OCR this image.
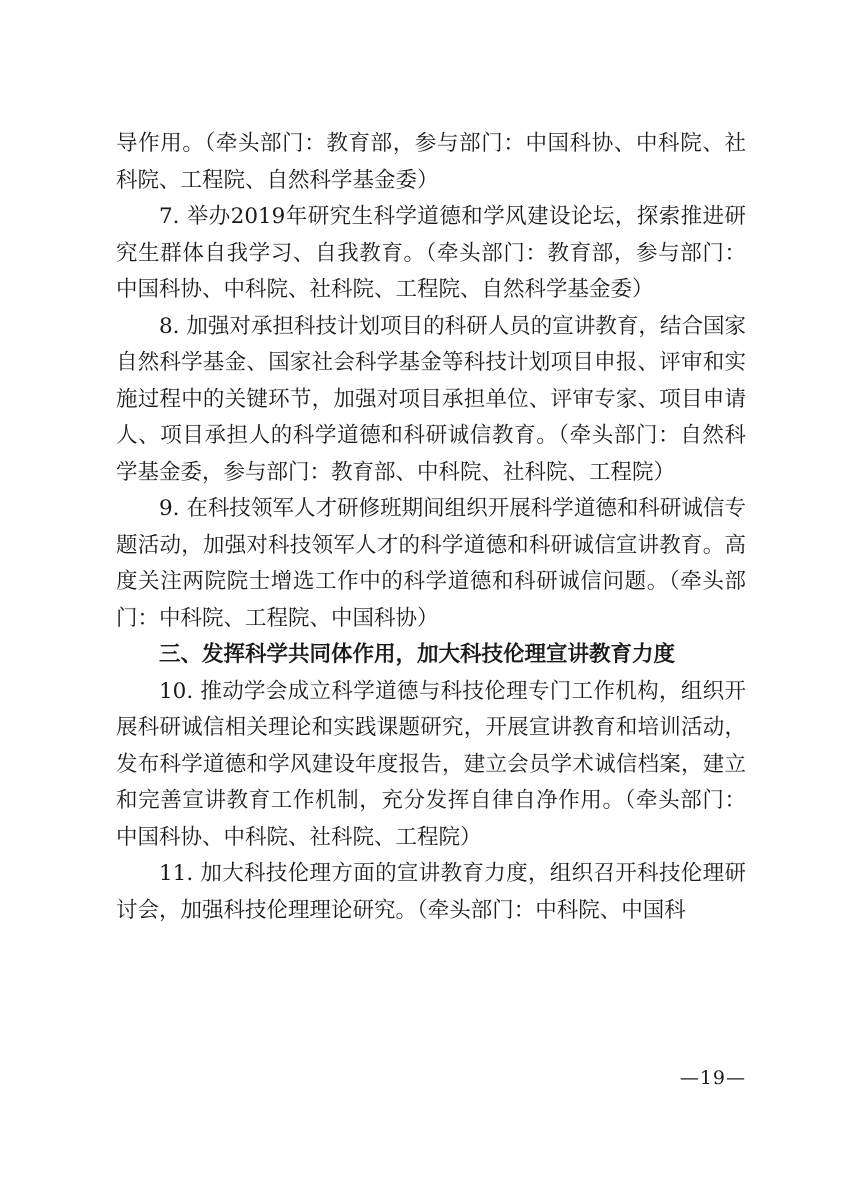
导作用。（牵头部门：教育部，参与部门：中国科协、中科院、社科院、工程院、自然科学基金委）

7. 举办2019年研究生科学道德和学风建设论坛，探索推进研究生群体自我学习、自我教育。（牵头部门：教育部，参与部门：中国科协、中科院、社科院、工程院、自然科学基金委）

8. 加强对承担科技计划项目的科研人员的宣讲教育，结合国家自然科学基金、国家社会科学基金等科技计划项目申报、评审和实施过程中的关键环节，加强对项目承担单位、评审专家、项目申请人、项目承担人的科学道德和科研诚信教育。（牵头部门：自然科学基金委，参与部门：教育部、中科院、社科院、工程院）

9. 在科技领军人才研修班期间组织开展科学道德和科研诚信专题活动，加强对科技领军人才的科学道德和科研诚信宣讲教育。高度关注两院院士增选工作中的科学道德和科研诚信问题。（牵头部门：中科院、工程院、中国科协）

三、发挥科学共同体作用，加大科技伦理宣讲教育力度

10. 推动学会成立科学道德与科技伦理专门工作机构，组织开展科研诚信相关理论和实践课题研究，开展宣讲教育和培训活动，发布科学道德和学风建设年度报告，建立会员学术诚信档案，建立和完善宣讲教育工作机制，充分发挥自律自净作用。（牵头部门：中国科协、中科院、社科院、工程院）

11. 加大科技伦理方面的宣讲教育力度，组织召开科技伦理研讨会，加强科技伦理理论研究。（牵头部门：中科院、中国科

—19—
